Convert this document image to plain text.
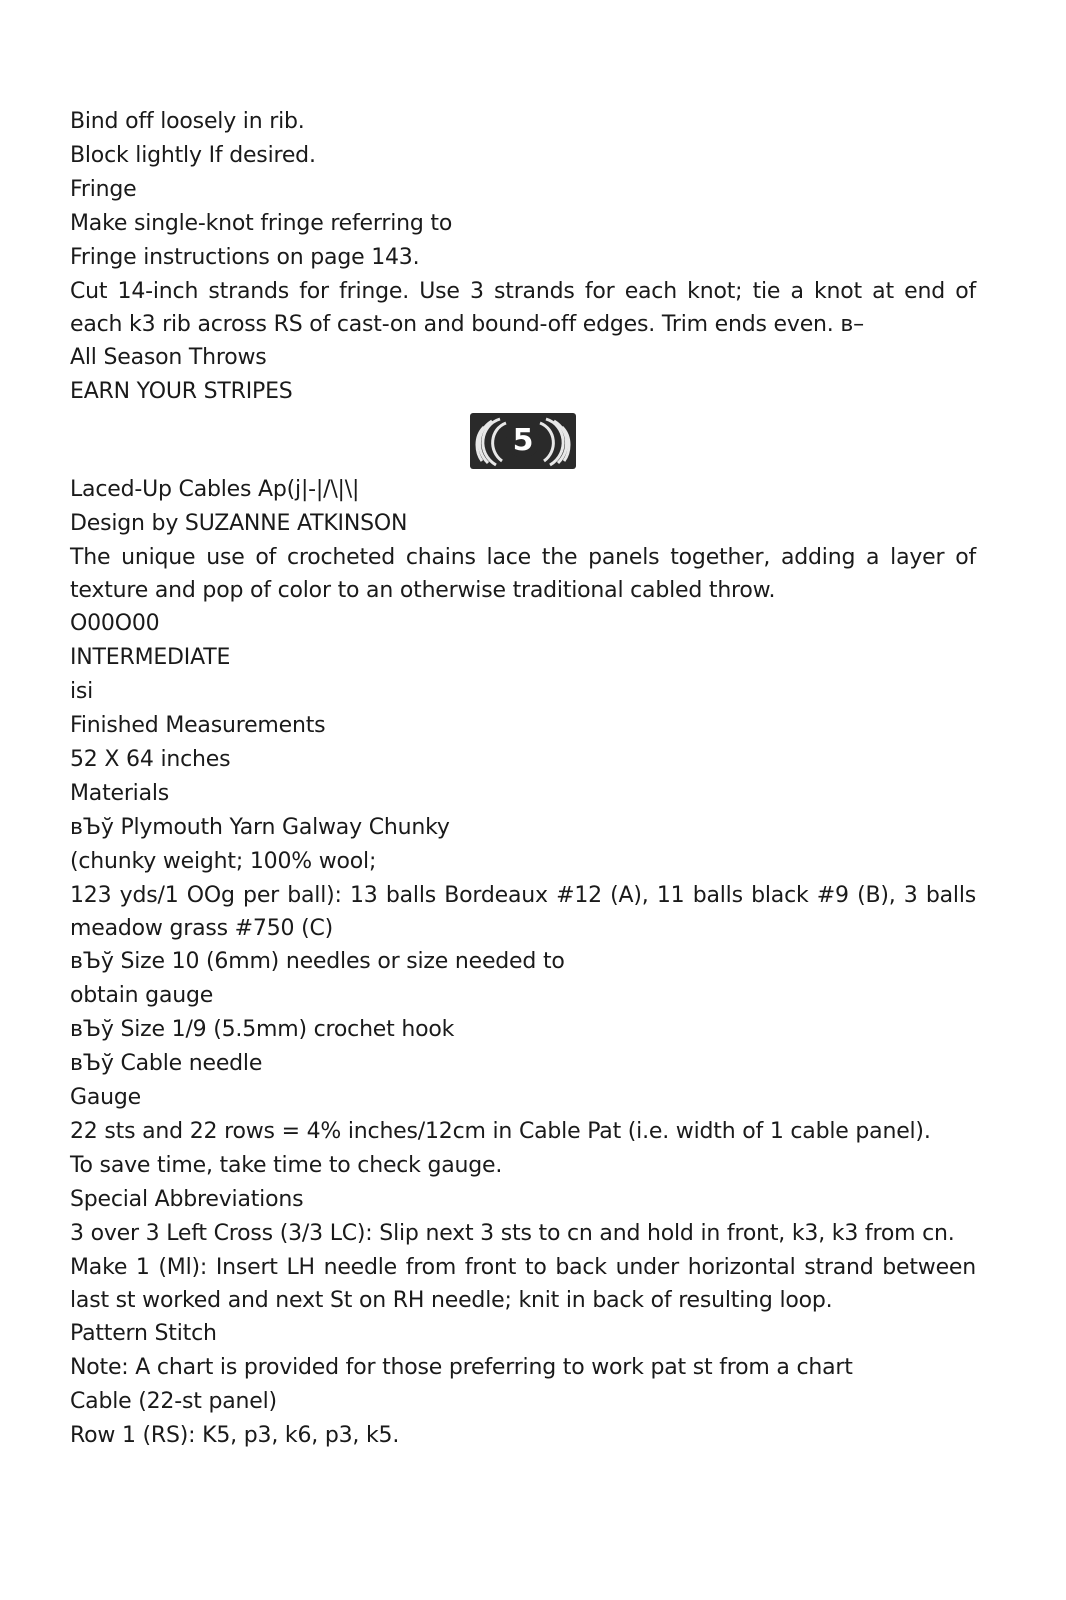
Bind off loosely in rib.
Block lightly If desired.
Fringe
Make single-knot fringe referring to
Fringe instructions on page 143.
Cut 14-inch strands for fringe. Use 3 strands for each knot; tie a knot at end of each k3 rib across RS of cast-on and bound-off edges. Trim ends even. в–
All Season Throws
EARN YOUR STRIPES
5
Laced-Up Cables Ap(j|-|/\|\|
Design by SUZANNE ATKINSON
The unique use of crocheted chains lace the panels together, adding a layer of texture and pop of color to an otherwise traditional cabled throw.
O00O00
INTERMEDIATE
isi
Finished Measurements
52 X 64 inches
Materials
вЪў Plymouth Yarn Galway Chunky
(chunky weight; 100% wool;
123 yds/1 OOg per ball): 13 balls Bordeaux #12 (A), 11 balls black #9 (B), 3 balls meadow grass #750 (C)
вЪў Size 10 (6mm) needles or size needed to
obtain gauge
вЪў Size 1/9 (5.5mm) crochet hook
вЪў Cable needle
Gauge
22 sts and 22 rows = 4% inches/12cm in Cable Pat (i.e. width of 1 cable panel).
To save time, take time to check gauge.
Special Abbreviations
3 over 3 Left Cross (3/3 LC): Slip next 3 sts to cn and hold in front, k3, k3 from cn.
Make 1 (Ml): Insert LH needle from front to back under horizontal strand between last st worked and next St on RH needle; knit in back of resulting loop.
Pattern Stitch
Note: A chart is provided for those preferring to work pat st from a chart
Cable (22-st panel)
Row 1 (RS): K5, p3, k6, p3, k5.
